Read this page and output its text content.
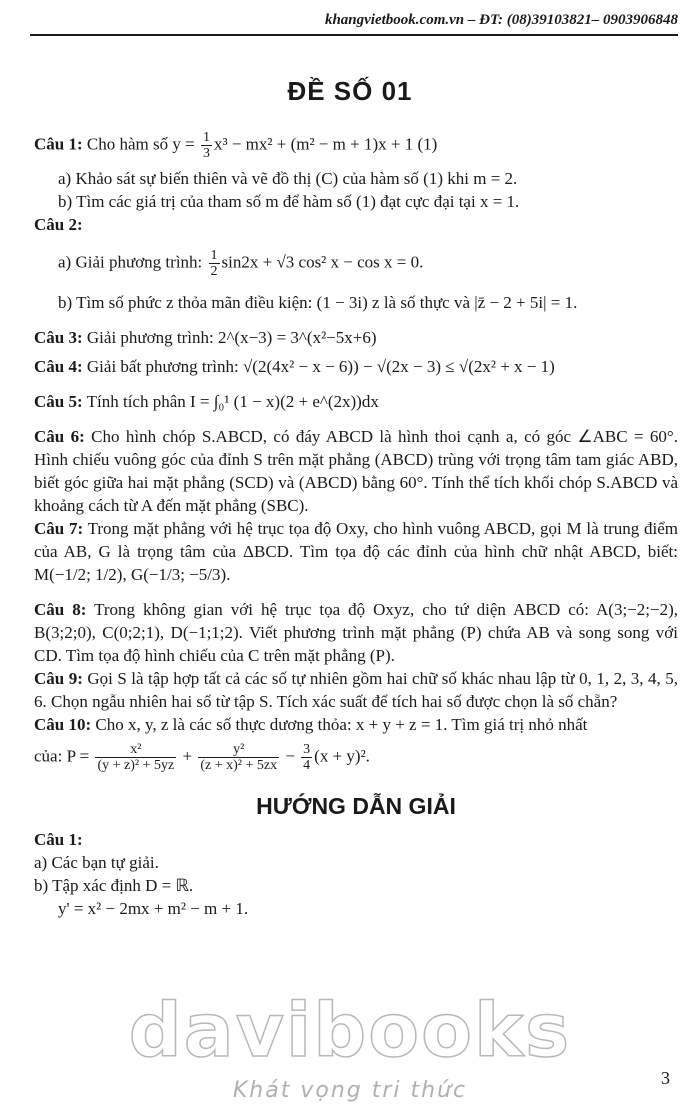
khangvietbook.com.vn – ĐT: (08)39103821– 0903906848
ĐỀ SỐ 01

Câu 1: Cho hàm số $y = \frac{1}{3} x^3 - mx^2 + (m^2 - m + 1)x + 1$ (1)

a) Khảo sát sự biến thiên và vẽ đồ thị (C) của hàm số (1) khi m = 2.

b) Tìm các giá trị của tham số m để hàm số (1) đạt cực đại tại x = 1.

Câu 2:

a) Giải phương trình: $\frac{1}{2} \sin 2x + √3$ cos² x − cos x = 0.

b) Tìm số phức z thỏa mãn điều kiện: (1 − 3i) z là số thực và |z̄ − 2 + 5i| = 1.

Câu 3: Giải phương trình: 2^(x−3) = 3^(x²−5x+6)

Câu 4: Giải bất phương trình: √(2(4x² − x − 6)) − √(2x − 3) ≤ √(2x² + x − 1)

Câu 5: Tính tích phân I = ∫₀¹ (1 − x)(2 + e^(2x))dx

Câu 6: Cho hình chóp S.ABCD, có đáy ABCD là hình thoi cạnh a, có góc ∠ABC = 60°. Hình chiếu vuông góc của đỉnh S trên mặt phẳng (ABCD) trùng với trọng tâm tam giác ABD, biết góc giữa hai mặt phẳng (SCD) và (ABCD) bằng 60°. Tính thể tích khối chóp S.ABCD và khoảng cách từ A đến mặt phẳng (SBC).

Câu 7: Trong mặt phẳng với hệ trục tọa độ Oxy, cho hình vuông ABCD, gọi M là trung điểm của AB, G là trọng tâm của ΔBCD. Tìm tọa độ các đỉnh của hình chữ nhật ABCD, biết: M(−1/2; 1/2), G(−1/3; −5/3).

Câu 8: Trong không gian với hệ trục tọa độ Oxyz, cho tứ diện ABCD có: A(3;−2;−2), B(3;2;0), C(0;2;1), D(−1;1;2). Viết phương trình mặt phẳng (P) chứa AB và song song với CD. Tìm tọa độ hình chiếu của C trên mặt phẳng (P).

Câu 9: Gọi S là tập hợp tất cả các số tự nhiên gồm hai chữ số khác nhau lập từ 0, 1, 2, 3, 4, 5, 6. Chọn ngẫu nhiên hai số từ tập S. Tích xác suất để tích hai số được chọn là số chẵn?

Câu 10: Cho x, y, z là các số thực dương thỏa: x + y + z = 1. Tìm giá trị nhỏ nhất

của: $P = \frac{\text{x²}}{\text{(y + z)² + 5yz}} + \frac{\text{y²}}{\text{(z + x)² + 5zx}} - \frac{3}{4} (x + y)^2$.

HƯỚNG DẪN GIẢI

Câu 1:

a) Các bạn tự giải.

b) Tập xác định D = ℝ.

y' = x² − 2mx + m² − m + 1.

davibooks
Khát vọng tri thức	3
